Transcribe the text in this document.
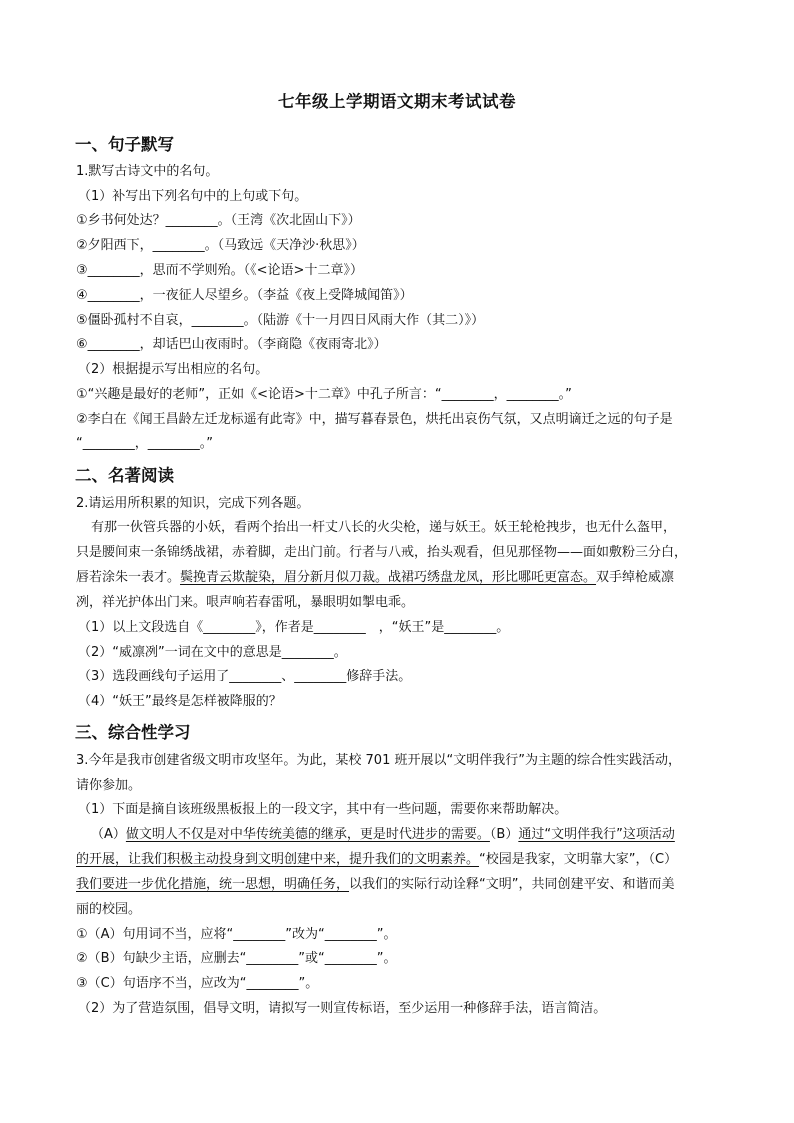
七年级上学期语文期末考试试卷
一、句子默写
1.默写古诗文中的名句。
（1）补写出下列名句中的上句或下句。
①乡书何处达？________。（王湾《次北固山下》）
②夕阳西下，________。（马致远《天净沙·秋思》）
③________，思而不学则殆。（《<论语>十二章》）
④________，一夜征人尽望乡。（李益《夜上受降城闻笛》）
⑤僵卧孤村不自哀，________。（陆游《十一月四日风雨大作（其二）》）
⑥________，却话巴山夜雨时。（李商隐《夜雨寄北》）
（2）根据提示写出相应的名句。
①“兴趣是最好的老师”，正如《<论语>十二章》中孔子所言：“________，________。”
②李白在《闻王昌龄左迁龙标遥有此寄》中，描写暮春景色，烘托出哀伤气氛，又点明谪迁之远的句子是
“________，________。”
二、名著阅读
2.请运用所积累的知识，完成下列各题。
有那一伙管兵器的小妖，看两个抬出一杆丈八长的火尖枪，递与妖王。妖王轮枪拽步，也无什么盔甲，
只是腰间束一条锦绣战裙，赤着脚，走出门前。行者与八戒，抬头观看，但见那怪物——面如敷粉三分白，
唇若涂朱一表才。鬓挽青云欺靛染，眉分新月似刀裁。战裙巧绣盘龙凤，形比哪吒更富态。双手绰枪威凛
冽，祥光护体出门来。哏声响若春雷吼，暴眼明如掣电乖。
（1）以上文段选自《________》，作者是________　，“妖王”是________。
（2）“威凛冽”一词在文中的意思是________。
（3）选段画线句子运用了________、________修辞手法。
（4）“妖王”最终是怎样被降服的？
三、综合性学习
3.今年是我市创建省级文明市攻坚年。为此，某校 701 班开展以“文明伴我行”为主题的综合性实践活动，
请你参加。
（1）下面是摘自该班级黑板报上的一段文字，其中有一些问题，需要你来帮助解决。
（A）做文明人不仅是对中华传统美德的继承，更是时代进步的需要。（B）通过“文明伴我行”这项活动
的开展，让我们积极主动投身到文明创建中来，提升我们的文明素养。“校园是我家，文明靠大家”，（C）
我们要进一步优化措施，统一思想，明确任务，以我们的实际行动诠释“文明”，共同创建平安、和谐而美
丽的校园。
①（A）句用词不当，应将“________”改为“________”。
②（B）句缺少主语，应删去“________”或“________”。
③（C）句语序不当，应改为“________”。
（2）为了营造氛围，倡导文明，请拟写一则宣传标语，至少运用一种修辞手法，语言简洁。
